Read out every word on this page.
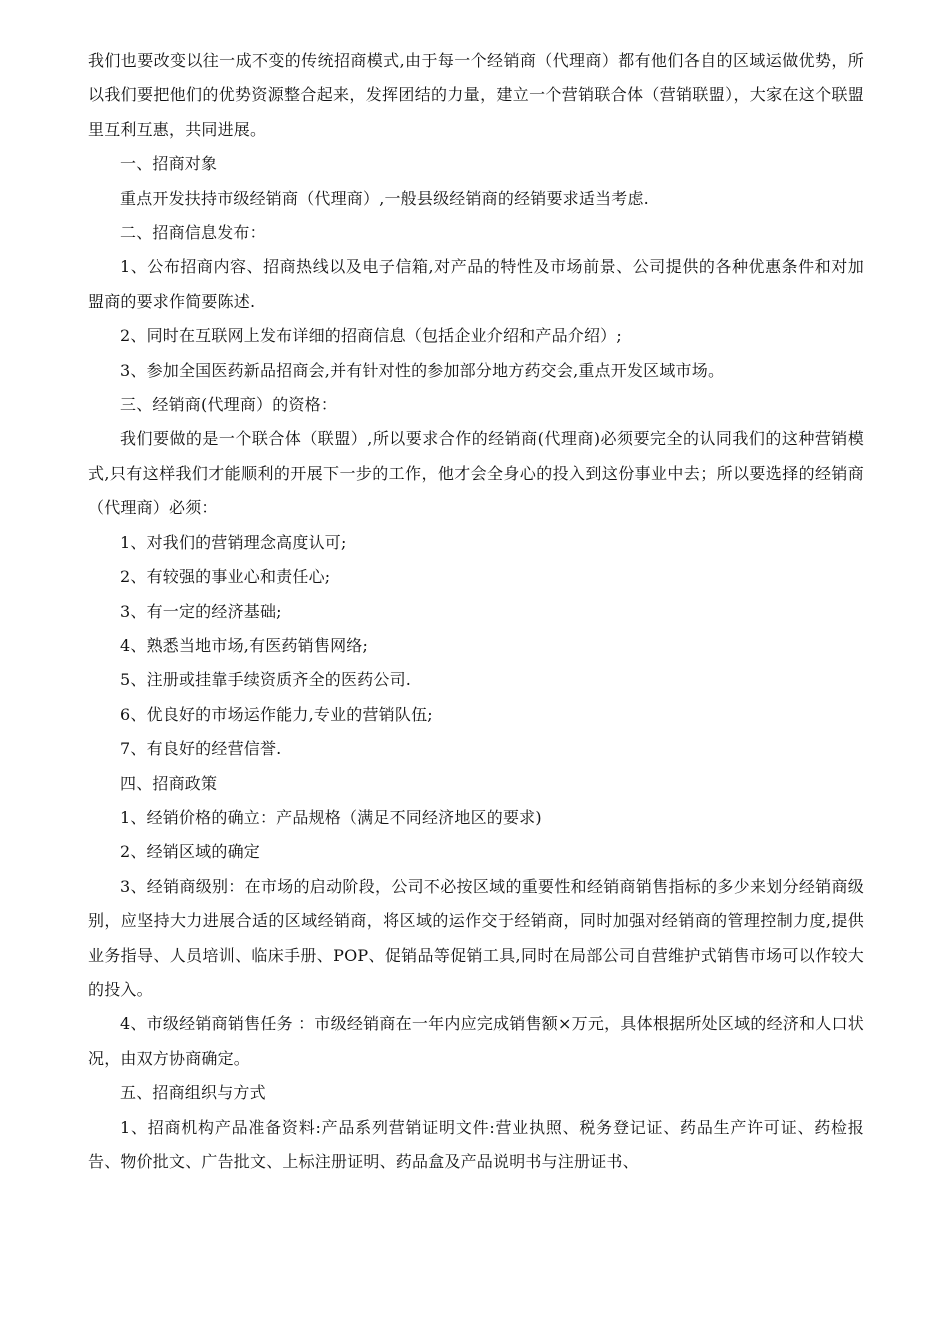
我们也要改变以往一成不变的传统招商模式,由于每一个经销商（代理商）都有他们各自的区域运做优势，所以我们要把他们的优势资源整合起来，发挥团结的力量，建立一个营销联合体（营销联盟），大家在这个联盟里互利互惠，共同进展。

一、招商对象

重点开发扶持市级经销商（代理商）,一般县级经销商的经销要求适当考虑.

二、招商信息发布：

1、公布招商内容、招商热线以及电子信箱,对产品的特性及市场前景、公司提供的各种优惠条件和对加盟商的要求作简要陈述.

2、同时在互联网上发布详细的招商信息（包括企业介绍和产品介绍）;

3、参加全国医药新品招商会,并有针对性的参加部分地方药交会,重点开发区域市场。

三、经销商(代理商）的资格：

我们要做的是一个联合体（联盟）,所以要求合作的经销商(代理商)必须要完全的认同我们的这种营销模式,只有这样我们才能顺利的开展下一步的工作，他才会全身心的投入到这份事业中去；所以要选择的经销商（代理商）必须：

1、对我们的营销理念高度认可;

2、有较强的事业心和责任心;

3、有一定的经济基础;

4、熟悉当地市场,有医药销售网络;

5、注册或挂靠手续资质齐全的医药公司.

6、优良好的市场运作能力,专业的营销队伍;

7、有良好的经营信誉.

四、招商政策

1、经销价格的确立：产品规格（满足不同经济地区的要求)

2、经销区域的确定

3、经销商级别：在市场的启动阶段，公司不必按区域的重要性和经销商销售指标的多少来划分经销商级别，应坚持大力进展合适的区域经销商，将区域的运作交于经销商，同时加强对经销商的管理控制力度,提供业务指导、人员培训、临床手册、POP、促销品等促销工具,同时在局部公司自营维护式销售市场可以作较大的投入。

4、市级经销商销售任务 ：市级经销商在一年内应完成销售额×万元，具体根据所处区域的经济和人口状况，由双方协商确定。

五、招商组织与方式

1、招商机构产品准备资料:产品系列营销证明文件:营业执照、税务登记证、药品生产许可证、药检报告、物价批文、广告批文、上标注册证明、药品盒及产品说明书与注册证书、
